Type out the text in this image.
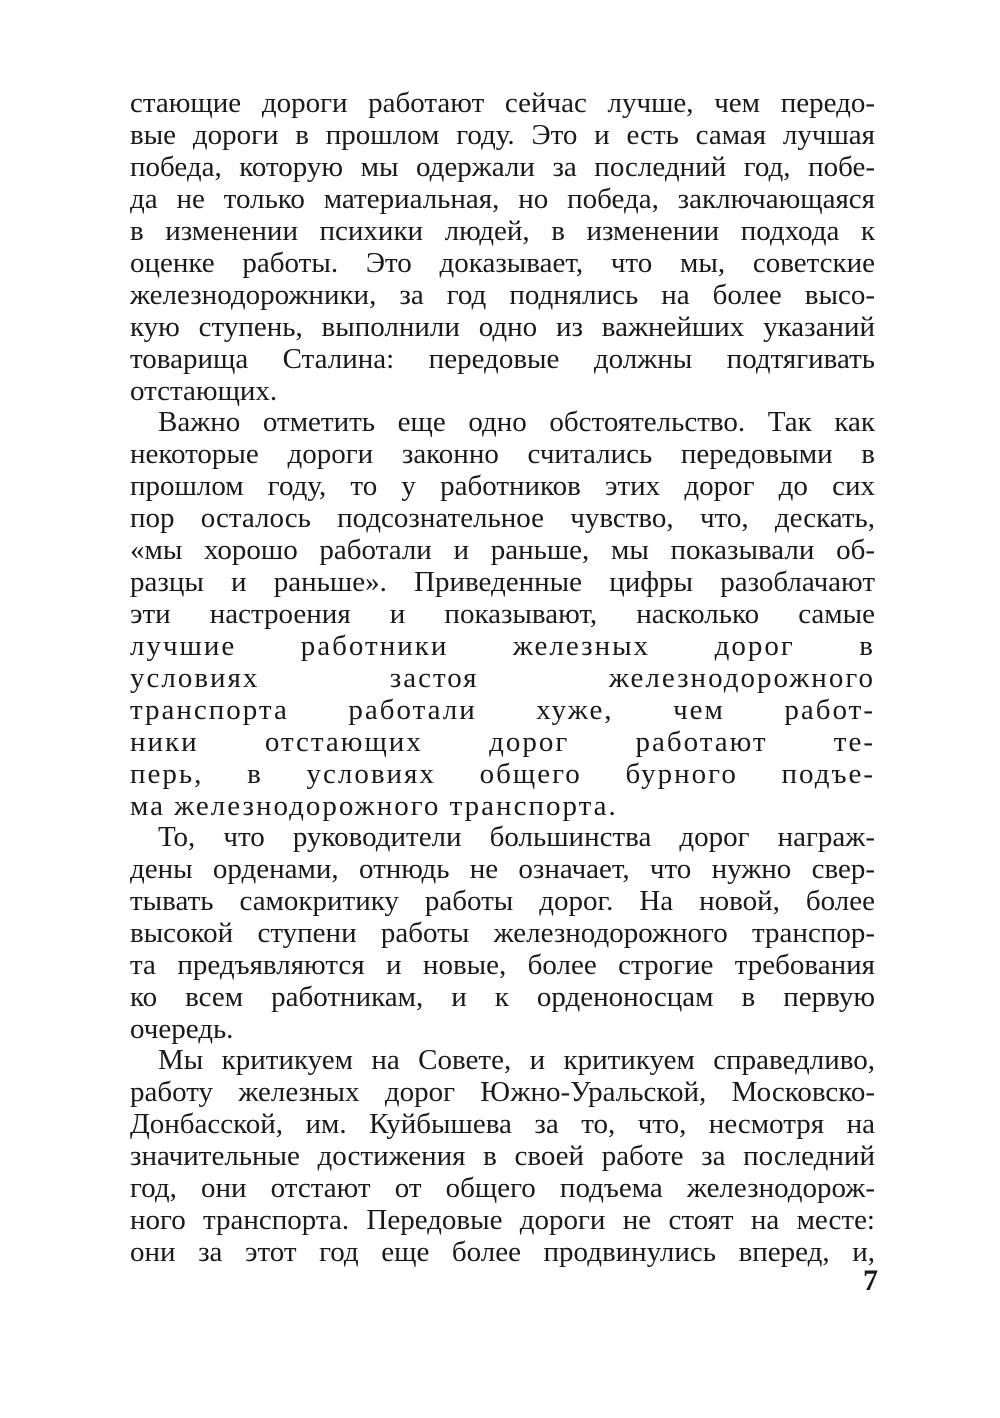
стающие дороги работают сейчас лучше, чем передо-
вые дороги в прошлом году. Это и есть самая лучшая
победа, которую мы одержали за последний год, побе-
да не только материальная, но победа, заключающаяся
в изменении психики людей, в изменении подхода к
оценке работы. Это доказывает, что мы, советские
железнодорожники, за год поднялись на более высо-
кую ступень, выполнили одно из важнейших указаний
товарища Сталина: передовые должны подтягивать
отстающих.
Важно отметить еще одно обстоятельство. Так как
некоторые дороги законно считались передовыми в
прошлом году, то у работников этих дорог до сих
пор осталось подсознательное чувство, что, дескать,
«мы хорошо работали и раньше, мы показывали об-
разцы и раньше». Приведенные цифры разоблачают
эти настроения и показывают, насколько самые
лучшие работники железных дорог в
условиях застоя железнодорожного
транспорта работали хуже, чем работ-
ники отстающих дорог работают те-
перь, в условиях общего бурного подъе-
ма железнодорожного транспорта.
То, что руководители большинства дорог награж-
дены орденами, отнюдь не означает, что нужно свер-
тывать самокритику работы дорог. На новой, более
высокой ступени работы железнодорожного транспор-
та предъявляются и новые, более строгие требования
ко всем работникам, и к орденоносцам в первую
очередь.
Мы критикуем на Совете, и критикуем справедливо,
работу железных дорог Южно-Уральской, Московско-
Донбасской, им. Куйбышева за то, что, несмотря на
значительные достижения в своей работе за последний
год, они отстают от общего подъема железнодорож-
ного транспорта. Передовые дороги не стоят на месте:
они за этот год еще более продвинулись вперед, и,
7
